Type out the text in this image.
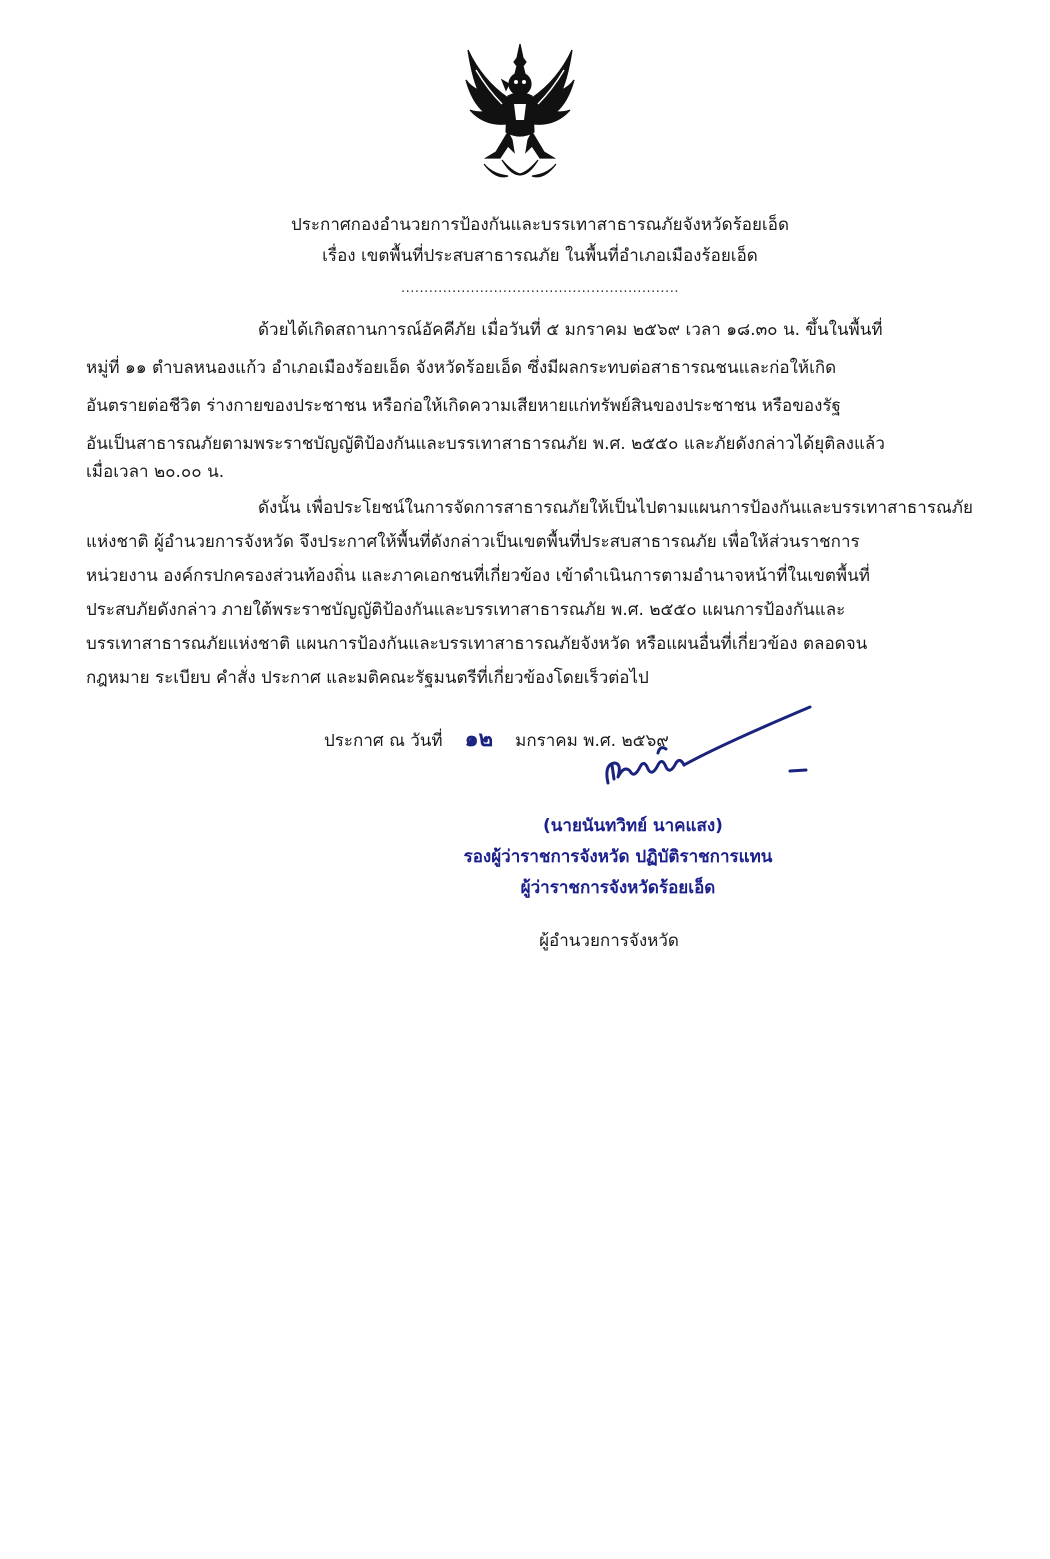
ประกาศกองอำนวยการป้องกันและบรรเทาสาธารณภัยจังหวัดร้อยเอ็ด
เรื่อง เขตพื้นที่ประสบสาธารณภัย ในพื้นที่อำเภอเมืองร้อยเอ็ด
............................................................
ด้วยได้เกิดสถานการณ์อัคคีภัย เมื่อวันที่ ๕ มกราคม ๒๕๖๙ เวลา ๑๘.๓๐ น. ขึ้นในพื้นที่
หมู่ที่ ๑๑ ตำบลหนองแก้ว อำเภอเมืองร้อยเอ็ด จังหวัดร้อยเอ็ด ซึ่งมีผลกระทบต่อสาธารณชนและก่อให้เกิด
อันตรายต่อชีวิต ร่างกายของประชาชน หรือก่อให้เกิดความเสียหายแก่ทรัพย์สินของประชาชน หรือของรัฐ
อันเป็นสาธารณภัยตามพระราชบัญญัติป้องกันและบรรเทาสาธารณภัย พ.ศ. ๒๕๕๐ และภัยดังกล่าวได้ยุติลงแล้ว
เมื่อเวลา ๒๐.๐๐ น.
ดังนั้น เพื่อประโยชน์ในการจัดการสาธารณภัยให้เป็นไปตามแผนการป้องกันและบรรเทาสาธารณภัย
แห่งชาติ ผู้อำนวยการจังหวัด จึงประกาศให้พื้นที่ดังกล่าวเป็นเขตพื้นที่ประสบสาธารณภัย เพื่อให้ส่วนราชการ
หน่วยงาน องค์กรปกครองส่วนท้องถิ่น และภาคเอกชนที่เกี่ยวข้อง เข้าดำเนินการตามอำนาจหน้าที่ในเขตพื้นที่
ประสบภัยดังกล่าว ภายใต้พระราชบัญญัติป้องกันและบรรเทาสาธารณภัย พ.ศ. ๒๕๕๐ แผนการป้องกันและ
บรรเทาสาธารณภัยแห่งชาติ แผนการป้องกันและบรรเทาสาธารณภัยจังหวัด หรือแผนอื่นที่เกี่ยวข้อง ตลอดจน
กฎหมาย ระเบียบ คำสั่ง ประกาศ และมติคณะรัฐมนตรีที่เกี่ยวข้องโดยเร็วต่อไป
ประกาศ ณ วันที่ ๑๒ มกราคม พ.ศ. ๒๕๖๙
(นายนันทวิทย์ นาคแสง)
รองผู้ว่าราชการจังหวัด ปฏิบัติราชการแทน
ผู้ว่าราชการจังหวัดร้อยเอ็ด
ผู้อำนวยการจังหวัด
